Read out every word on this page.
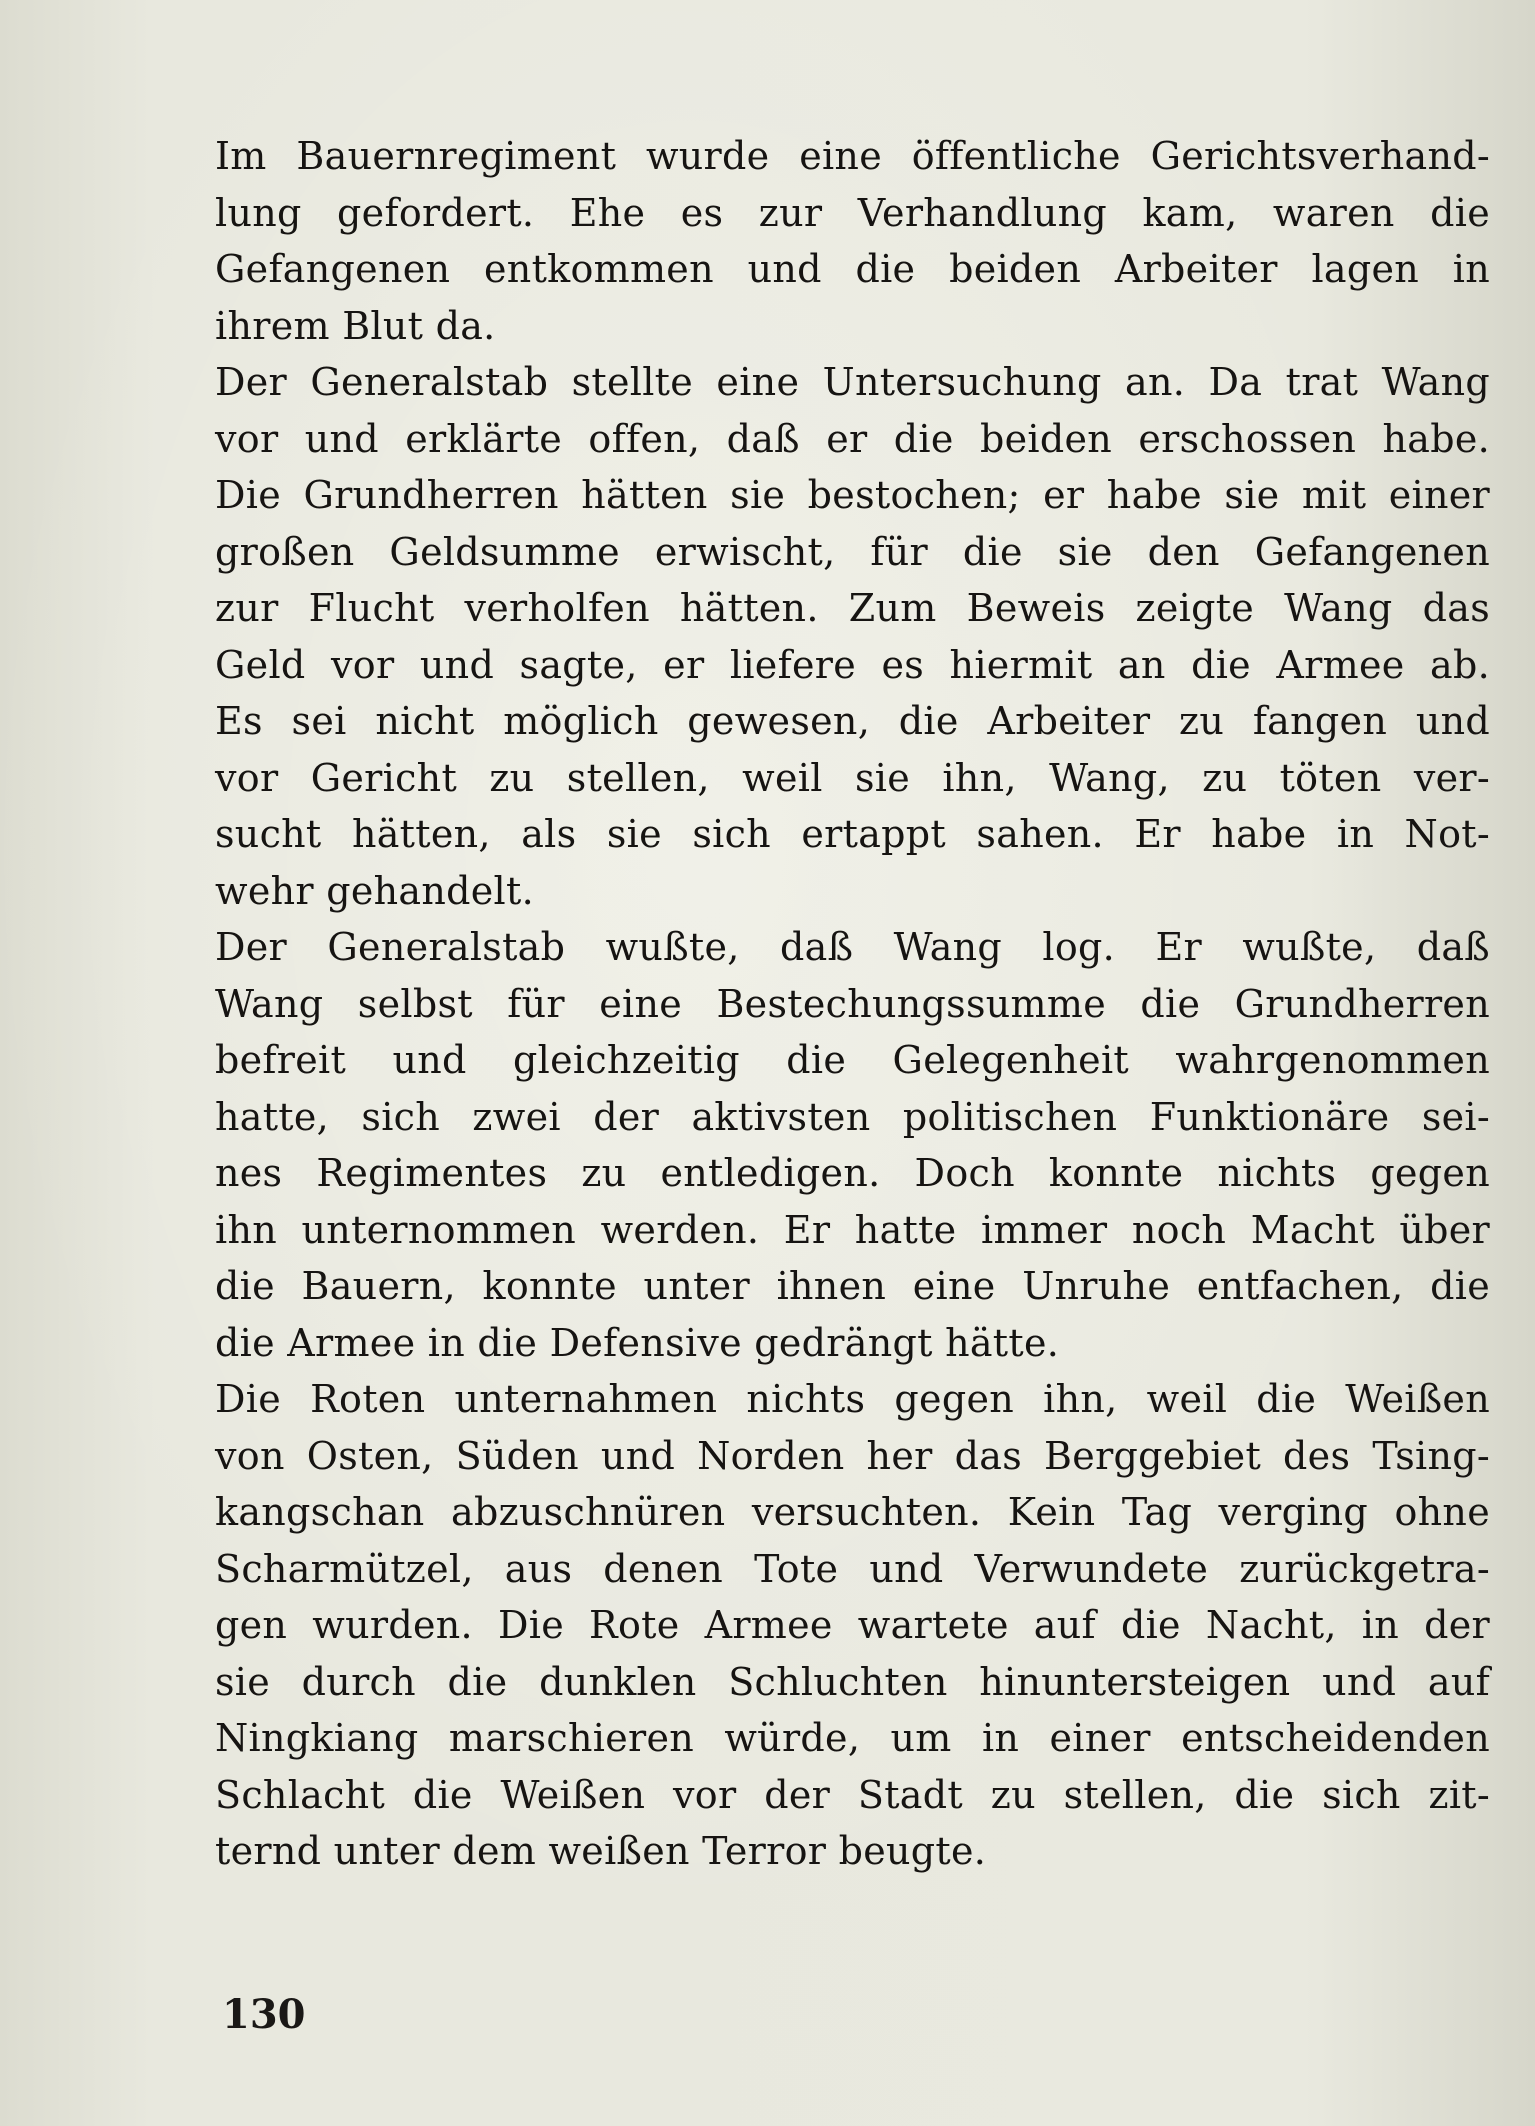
Im Bauernregiment wurde eine öffentliche Gerichtsverhand-
lung gefordert. Ehe es zur Verhandlung kam, waren die
Gefangenen entkommen und die beiden Arbeiter lagen in
ihrem Blut da.
Der Generalstab stellte eine Untersuchung an. Da trat Wang
vor und erklärte offen, daß er die beiden erschossen habe.
Die Grundherren hätten sie bestochen; er habe sie mit einer
großen Geldsumme erwischt, für die sie den Gefangenen
zur Flucht verholfen hätten. Zum Beweis zeigte Wang das
Geld vor und sagte, er liefere es hiermit an die Armee ab.
Es sei nicht möglich gewesen, die Arbeiter zu fangen und
vor Gericht zu stellen, weil sie ihn, Wang, zu töten ver-
sucht hätten, als sie sich ertappt sahen. Er habe in Not-
wehr gehandelt.
Der Generalstab wußte, daß Wang log. Er wußte, daß
Wang selbst für eine Bestechungssumme die Grundherren
befreit und gleichzeitig die Gelegenheit wahrgenommen
hatte, sich zwei der aktivsten politischen Funktionäre sei-
nes Regimentes zu entledigen. Doch konnte nichts gegen
ihn unternommen werden. Er hatte immer noch Macht über
die Bauern, konnte unter ihnen eine Unruhe entfachen, die
die Armee in die Defensive gedrängt hätte.
Die Roten unternahmen nichts gegen ihn, weil die Weißen
von Osten, Süden und Norden her das Berggebiet des Tsing-
kangschan abzuschnüren versuchten. Kein Tag verging ohne
Scharmützel, aus denen Tote und Verwundete zurückgetra-
gen wurden. Die Rote Armee wartete auf die Nacht, in der
sie durch die dunklen Schluchten hinuntersteigen und auf
Ningkiang marschieren würde, um in einer entscheidenden
Schlacht die Weißen vor der Stadt zu stellen, die sich zit-
ternd unter dem weißen Terror beugte.
130
